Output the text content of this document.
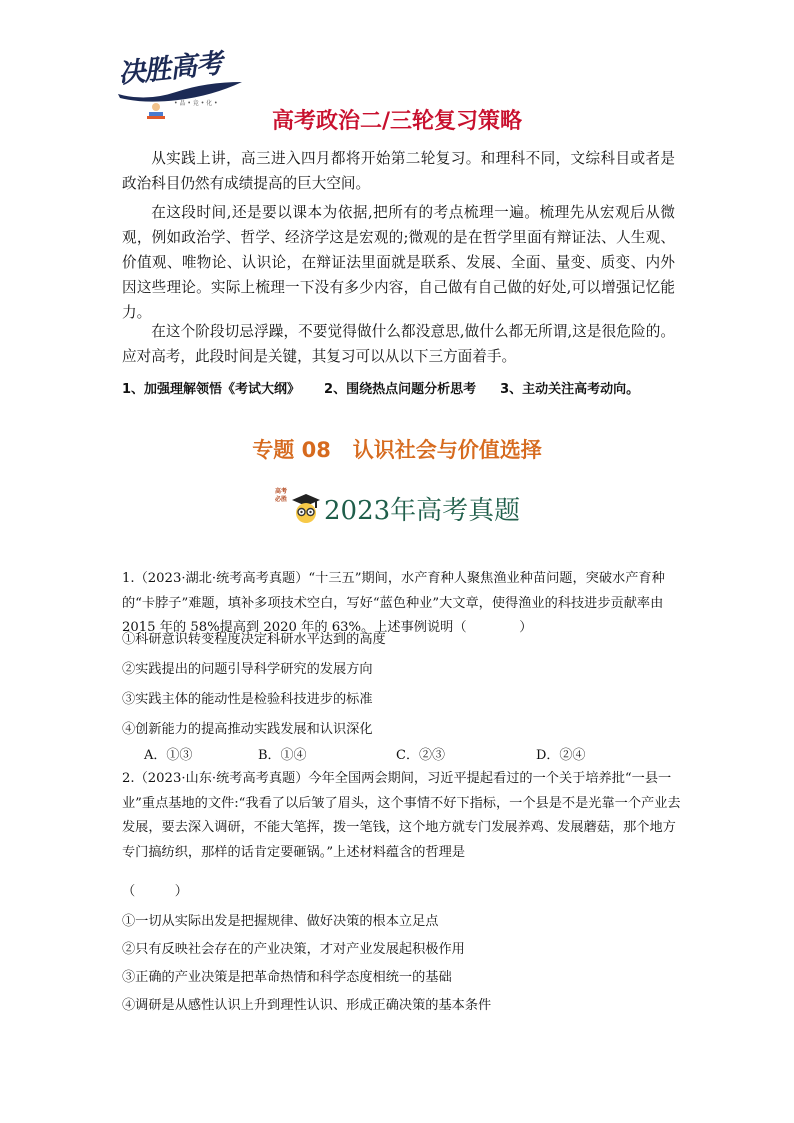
决胜高考
• 品 • 竞 • 化 •
高考政治二/三轮复习策略

从实践上讲，高三进入四月都将开始第二轮复习。和理科不同，文综科目或者是政治科目仍然有成绩提高的巨大空间。

在这段时间,还是要以课本为依据,把所有的考点梳理一遍。梳理先从宏观后从微观，例如政治学、哲学、经济学这是宏观的;微观的是在哲学里面有辩证法、人生观、价值观、唯物论、认识论，在辩证法里面就是联系、发展、全面、量变、质变、内外因这些理论。实际上梳理一下没有多少内容，自己做有自己做的好处,可以增强记忆能力。

在这个阶段切忌浮躁，不要觉得做什么都没意思,做什么都无所谓,这是很危险的。应对高考，此段时间是关键，其复习可以从以下三方面着手。

1、加强理解领悟《考试大纲》 2、围绕热点问题分析思考 3、主动关注高考动向。
专题 08   认识社会与价值选择
高考必胜 2023年高考真题

1.（2023·湖北·统考高考真题）“十三五”期间，水产育种人聚焦渔业种苗问题，突破水产育种的“卡脖子”难题，填补多项技术空白，写好“蓝色种业”大文章，使得渔业的科技进步贡献率由 2015 年的 58%提高到 2020 年的 63%。上述事例说明（　　　　）

①科研意识转变程度决定科研水平达到的高度

②实践提出的问题引导科学研究的发展方向

③实践主体的能动性是检验科技进步的标准

④创新能力的提高推动实践发展和认识深化

A．①③	B．①④	C．②③	D．②④

2.（2023·山东·统考高考真题）今年全国两会期间，习近平提起看过的一个关于培养批“一县一业”重点基地的文件:“我看了以后皱了眉头，这个事情不好下指标，一个县是不是光靠一个产业去发展，要去深入调研，不能大笔挥，拨一笔钱，这个地方就专门发展养鸡、发展蘑菇，那个地方专门搞纺织，那样的话肯定要砸锅。”上述材料蕴含的哲理是

（　　　）

①一切从实际出发是把握规律、做好决策的根本立足点

②只有反映社会存在的产业决策，才对产业发展起积极作用

③正确的产业决策是把革命热情和科学态度相统一的基础

④调研是从感性认识上升到理性认识、形成正确决策的基本条件
